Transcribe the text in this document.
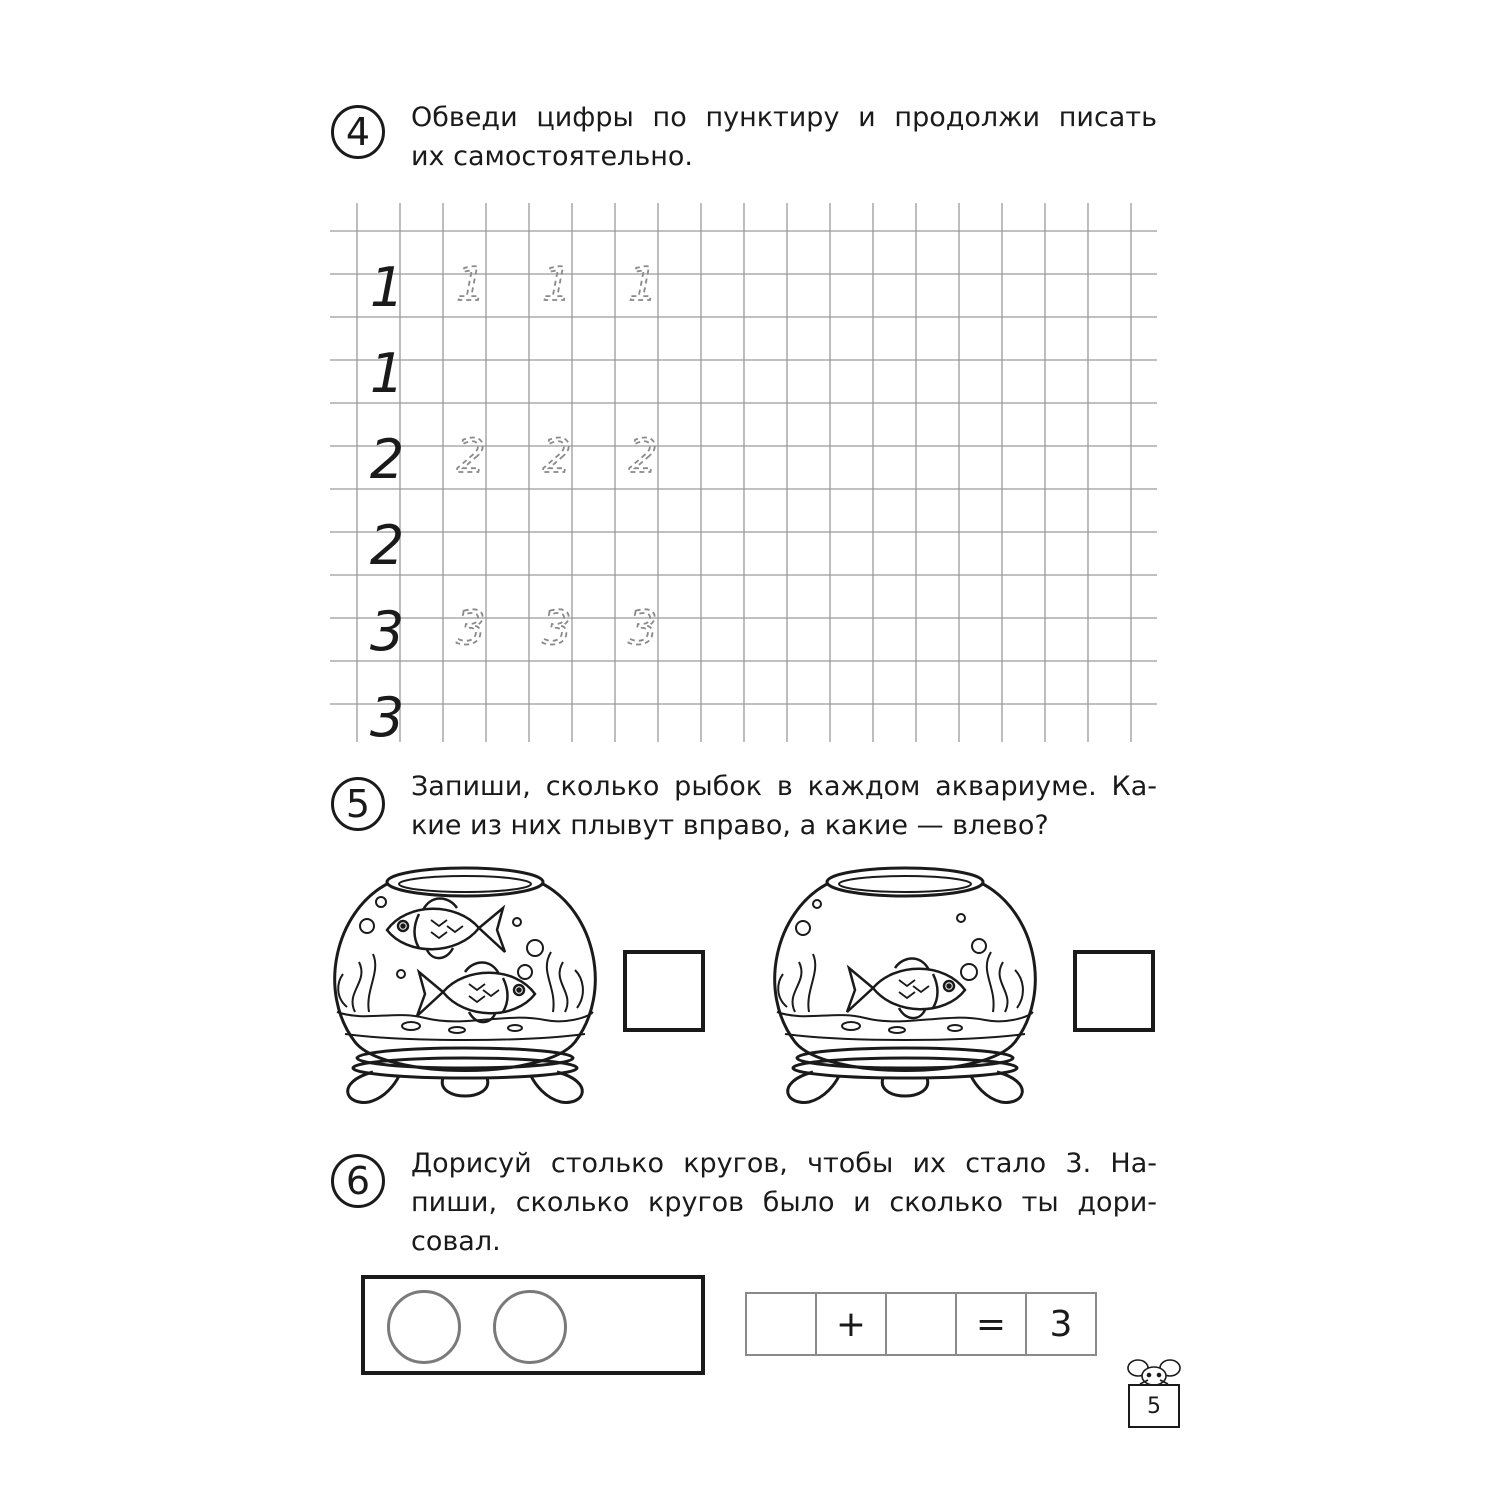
4 Обведи цифры по пунктиру и продолжи писать
их самостоятельно.
1 1 1 1
1
2 2 2 2
2
3 3 3 3
3
5 Запиши, сколько рыбок в каждом аквариуме. Ка-
кие из них плывут вправо, а какие — влево?
6 Дорисуй столько кругов, чтобы их стало 3. На-
пиши, сколько кругов было и сколько ты дори-
совал.
+	=	3
5
